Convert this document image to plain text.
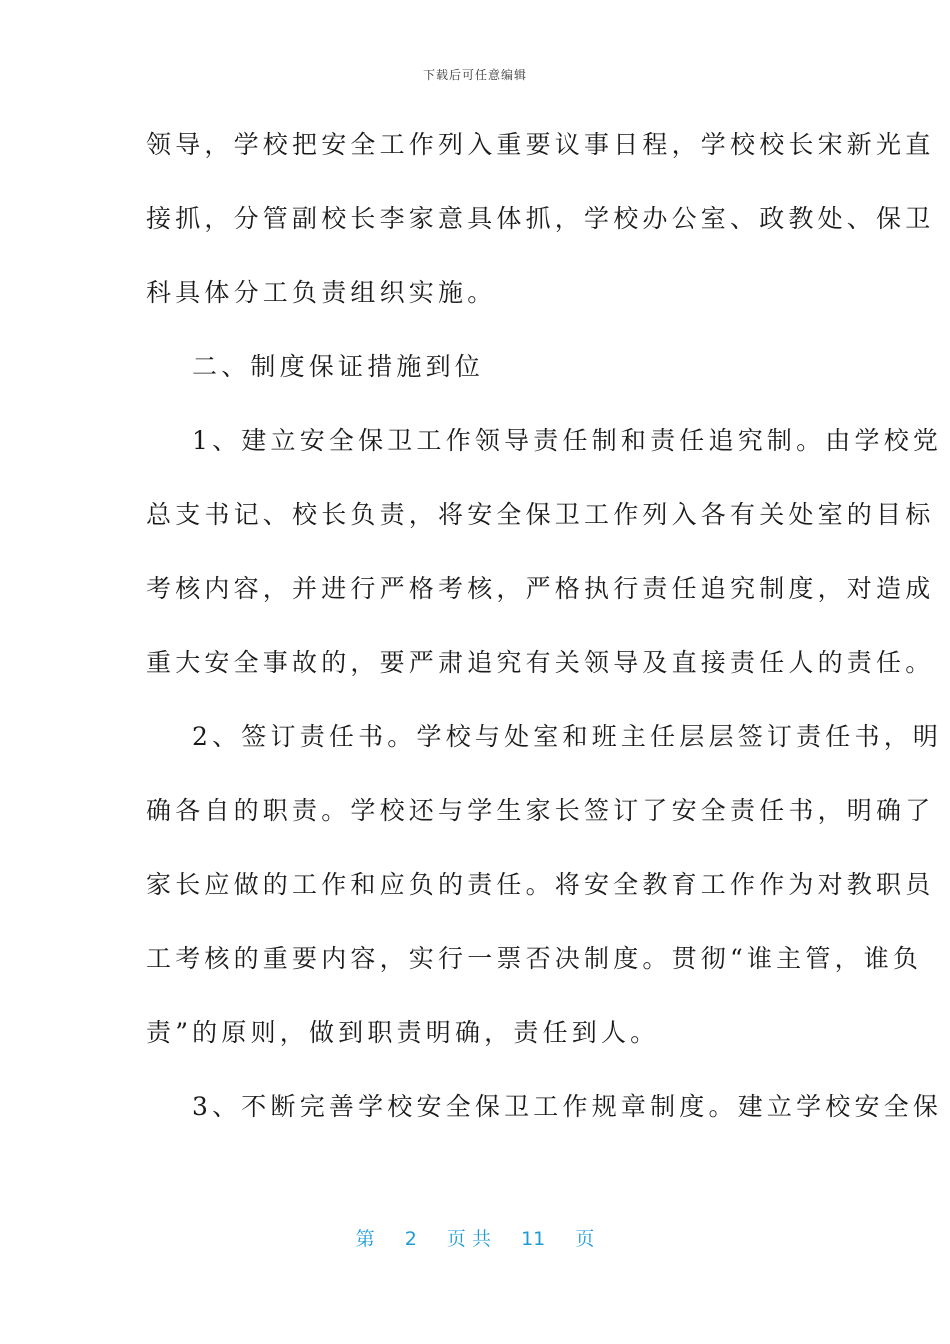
下载后可任意编辑
领导，学校把安全工作列入重要议事日程，学校校长宋新光直
接抓，分管副校长李家意具体抓，学校办公室、政教处、保卫
科具体分工负责组织实施。
二、制度保证措施到位
1、建立安全保卫工作领导责任制和责任追究制。由学校党
总支书记、校长负责，将安全保卫工作列入各有关处室的目标
考核内容，并进行严格考核，严格执行责任追究制度，对造成
重大安全事故的，要严肃追究有关领导及直接责任人的责任。
2、签订责任书。学校与处室和班主任层层签订责任书，明
确各自的职责。学校还与学生家长签订了安全责任书，明确了
家长应做的工作和应负的责任。将安全教育工作作为对教职员
工考核的重要内容，实行一票否决制度。贯彻“谁主管，谁负
责”的原则，做到职责明确，责任到人。
3、不断完善学校安全保卫工作规章制度。建立学校安全保
第 2 页 共 11 页
